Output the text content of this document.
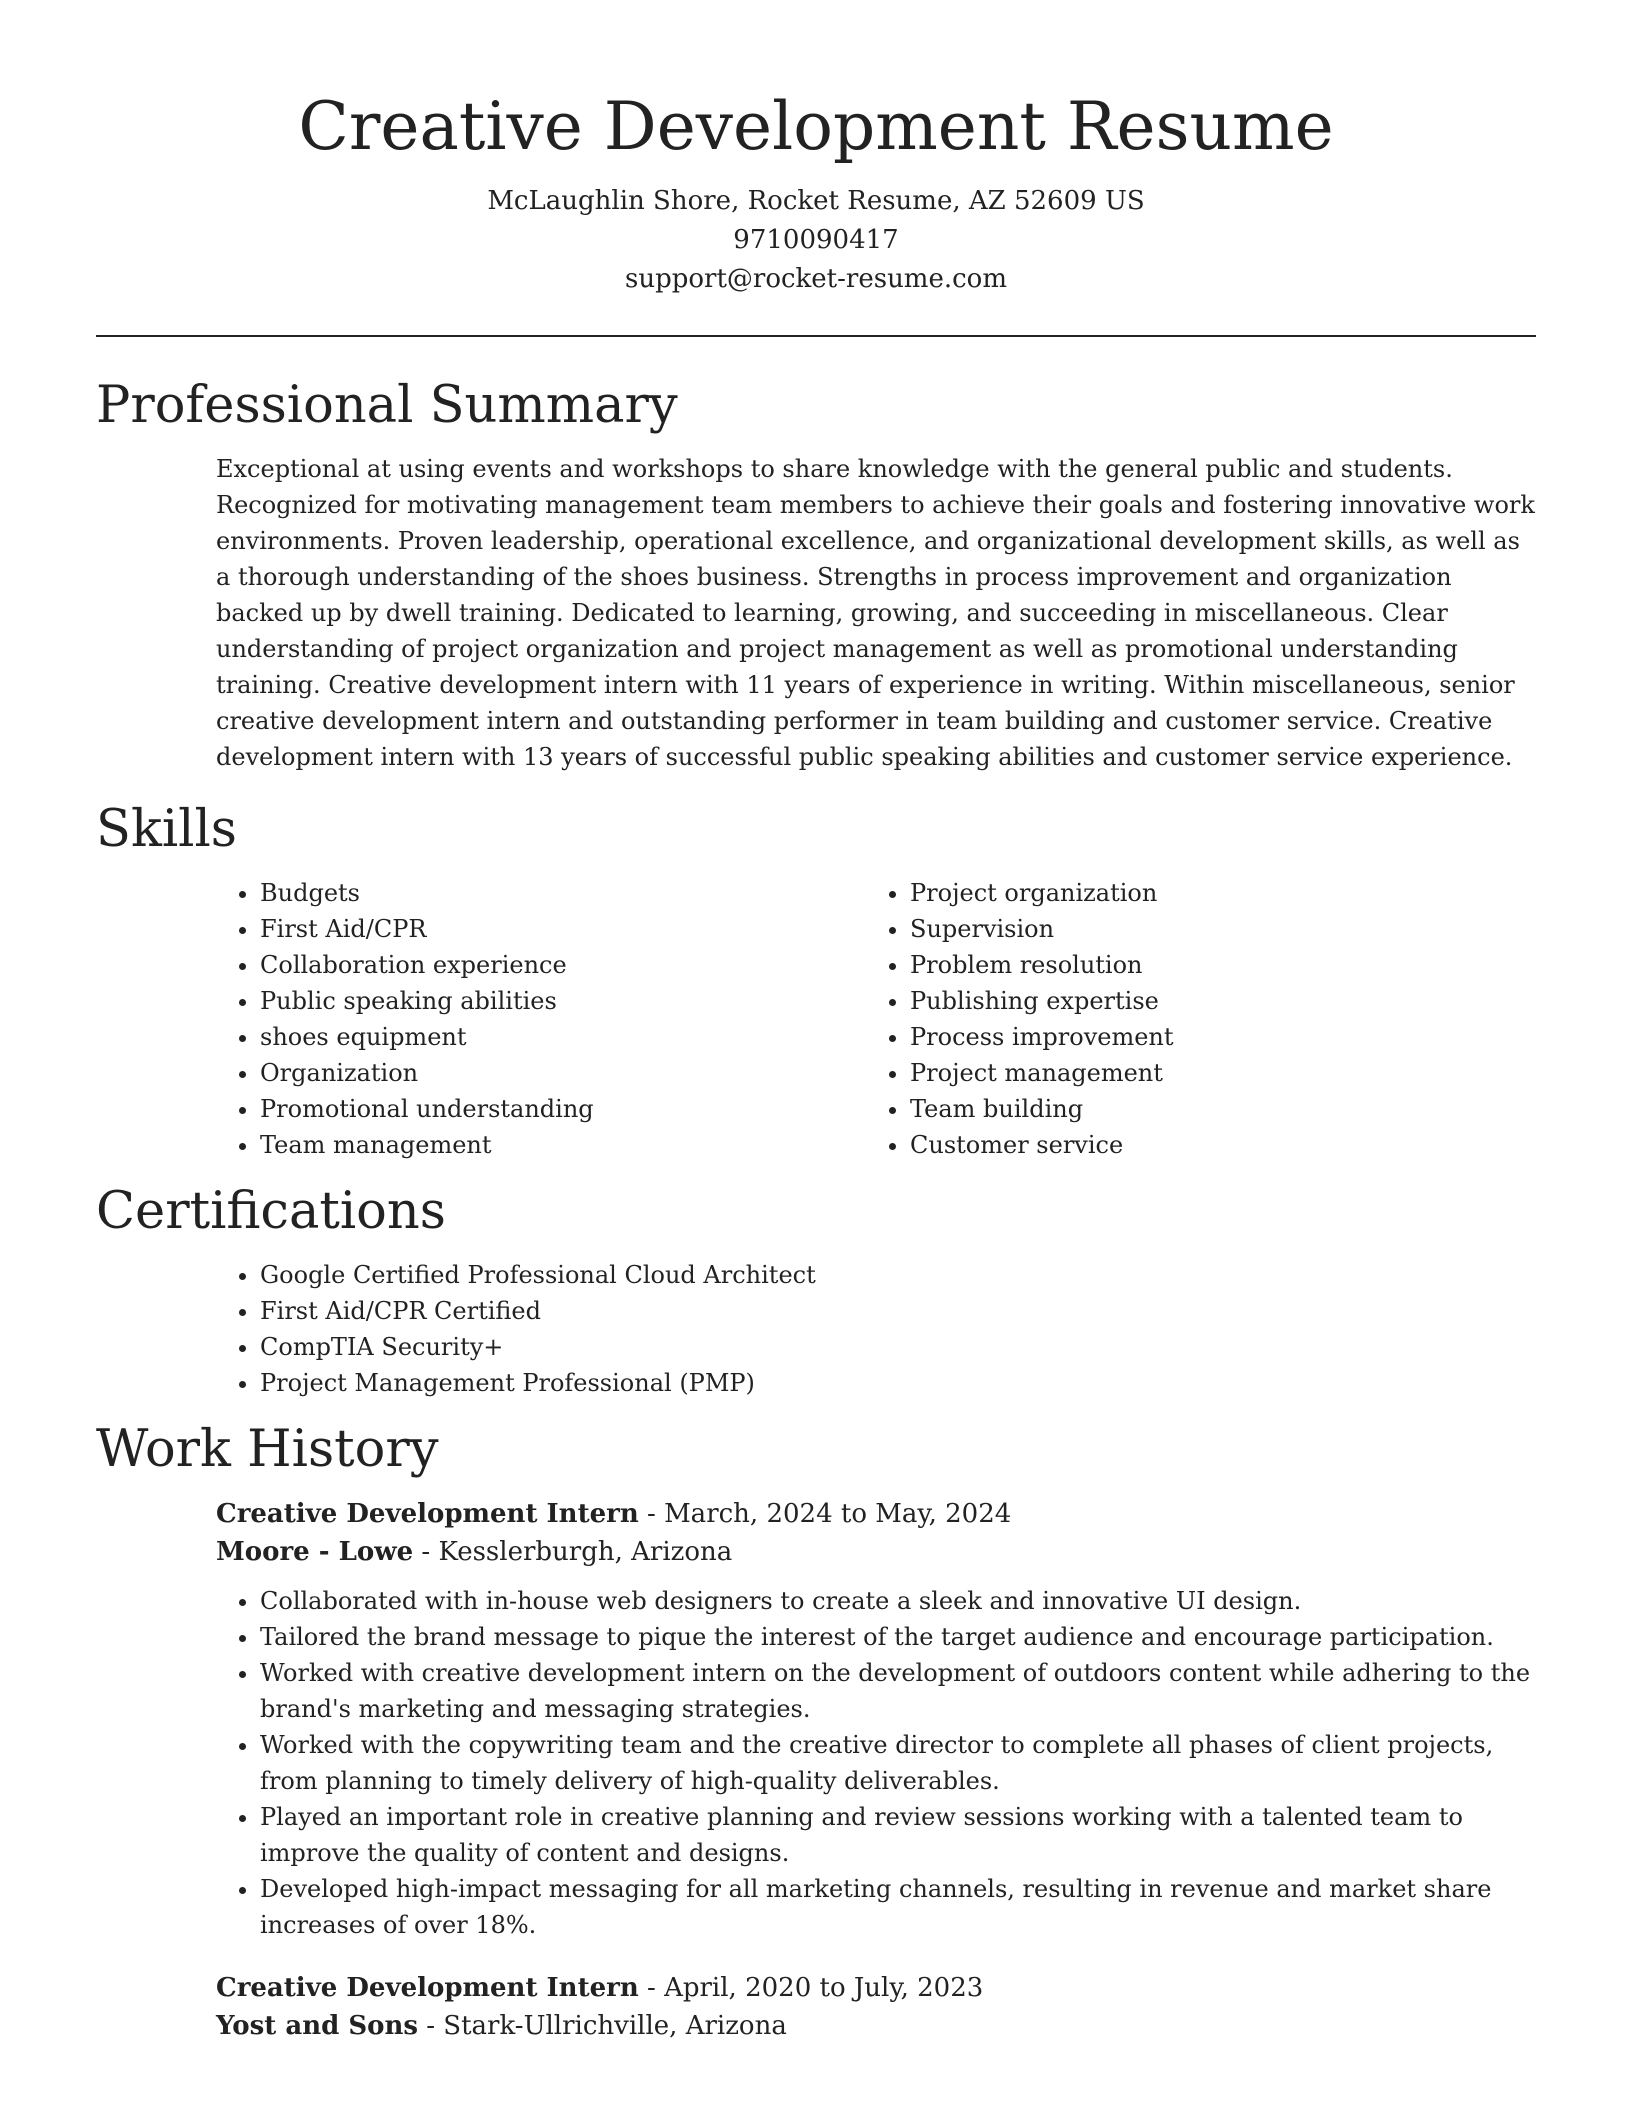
Creative Development Resume

McLaughlin Shore, Rocket Resume, AZ 52609 US

9710090417

support@rocket-resume.com

Professional Summary

Exceptional at using events and workshops to share knowledge with the general public and students. Recognized for motivating management team members to achieve their goals and fostering innovative work environments. Proven leadership, operational excellence, and organizational development skills, as well as a thorough understanding of the shoes business. Strengths in process improvement and organization backed up by dwell training. Dedicated to learning, growing, and succeeding in miscellaneous. Clear understanding of project organization and project management as well as promotional understanding training. Creative development intern with 11 years of experience in writing. Within miscellaneous, senior creative development intern and outstanding performer in team building and customer service. Creative development intern with 13 years of successful public speaking abilities and customer service experience.

Skills
• Budgets
• First Aid/CPR
• Collaboration experience
• Public speaking abilities
• shoes equipment
• Organization
• Promotional understanding
• Team management
• Project organization
• Supervision
• Problem resolution
• Publishing expertise
• Process improvement
• Project management
• Team building
• Customer service
Certifications
• Google Certified Professional Cloud Architect
• First Aid/CPR Certified
• CompTIA Security+
• Project Management Professional (PMP)
Work History

Creative Development Intern - March, 2024 to May, 2024

Moore - Lowe - Kesslerburgh, Arizona

• Collaborated with in-house web designers to create a sleek and innovative UI design.
• Tailored the brand message to pique the interest of the target audience and encourage participation.
• Worked with creative development intern on the development of outdoors content while adhering to the brand's marketing and messaging strategies.
• Worked with the copywriting team and the creative director to complete all phases of client projects, from planning to timely delivery of high-quality deliverables.
• Played an important role in creative planning and review sessions working with a talented team to improve the quality of content and designs.
• Developed high-impact messaging for all marketing channels, resulting in revenue and market share increases of over 18%.

Creative Development Intern - April, 2020 to July, 2023

Yost and Sons - Stark-Ullrichville, Arizona
